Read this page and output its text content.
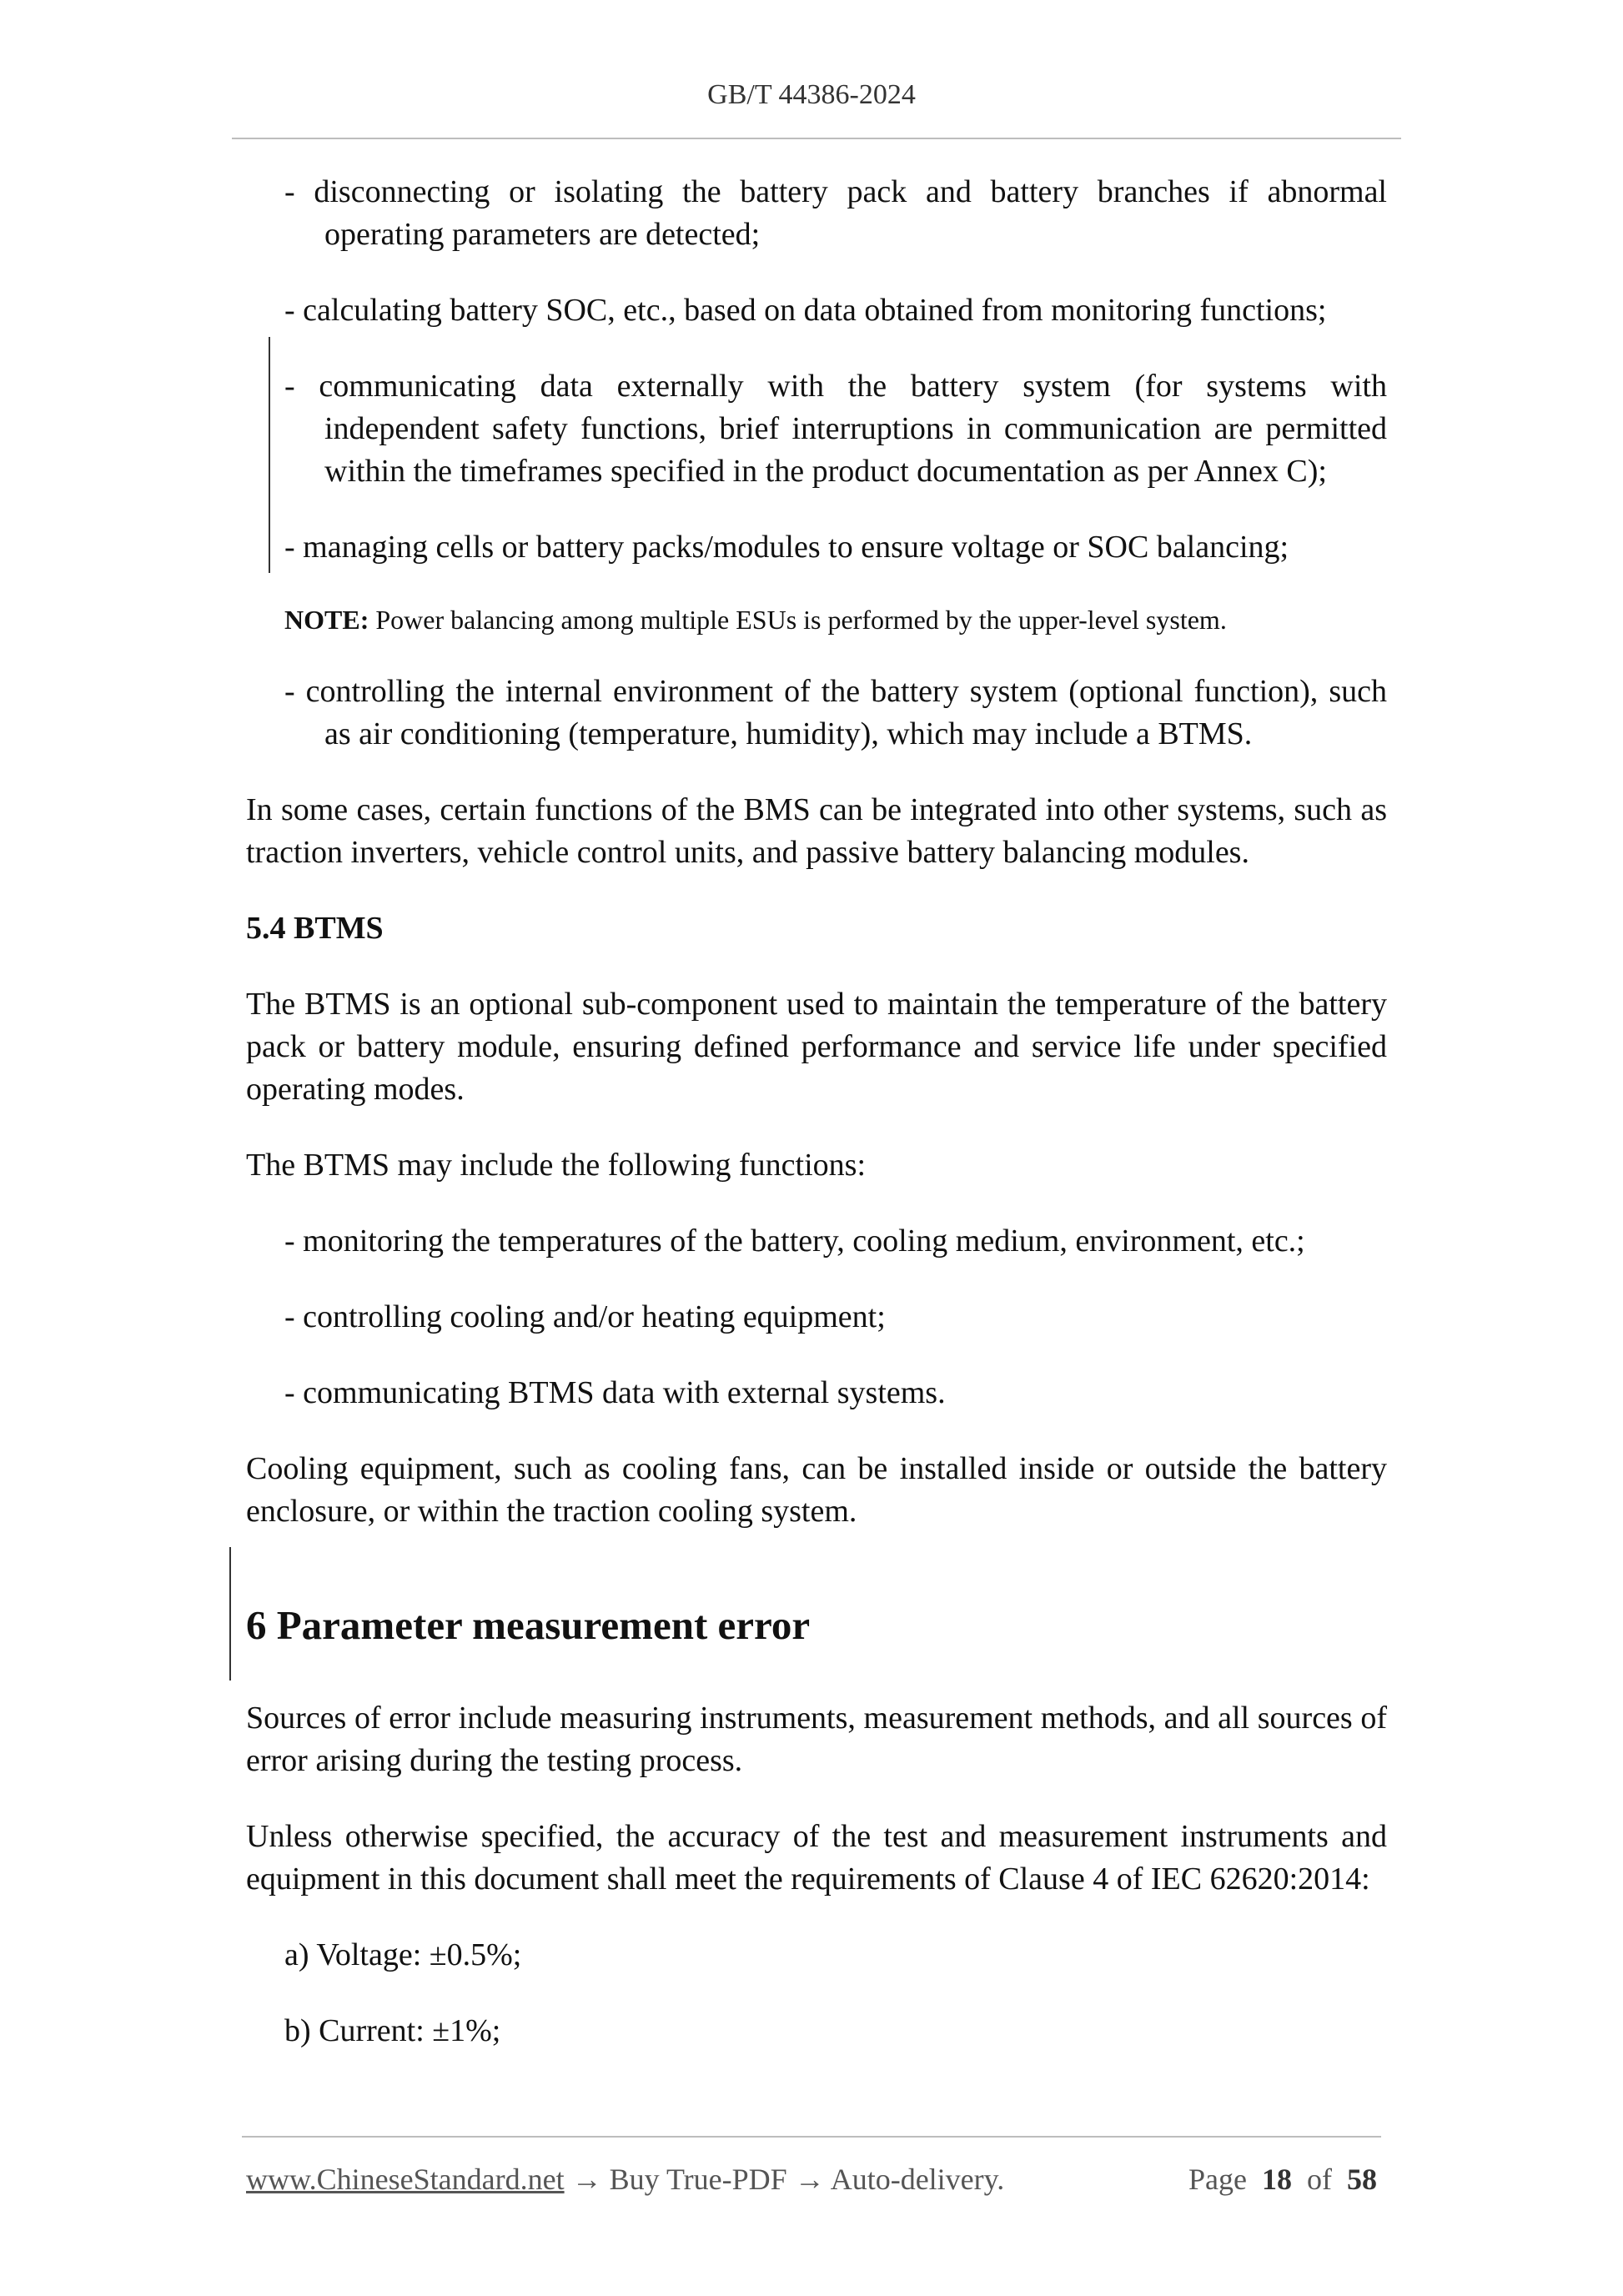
GB/T 44386-2024

- disconnecting or isolating the battery pack and battery branches if abnormal operating parameters are detected;

- calculating battery SOC, etc., based on data obtained from monitoring functions;

- communicating data externally with the battery system (for systems with independent safety functions, brief interruptions in communication are permitted within the timeframes specified in the product documentation as per Annex C);

- managing cells or battery packs/modules to ensure voltage or SOC balancing;

NOTE: Power balancing among multiple ESUs is performed by the upper-level system.

- controlling the internal environment of the battery system (optional function), such as air conditioning (temperature, humidity), which may include a BTMS.

In some cases, certain functions of the BMS can be integrated into other systems, such as traction inverters, vehicle control units, and passive battery balancing modules.

5.4 BTMS

The BTMS is an optional sub-component used to maintain the temperature of the battery pack or battery module, ensuring defined performance and service life under specified operating modes.

The BTMS may include the following functions:

- monitoring the temperatures of the battery, cooling medium, environment, etc.;

- controlling cooling and/or heating equipment;

- communicating BTMS data with external systems.

Cooling equipment, such as cooling fans, can be installed inside or outside the battery enclosure, or within the traction cooling system.

6 Parameter measurement error

Sources of error include measuring instruments, measurement methods, and all sources of error arising during the testing process.

Unless otherwise specified, the accuracy of the test and measurement instruments and equipment in this document shall meet the requirements of Clause 4 of IEC 62620:2014:

a) Voltage: ±0.5%;

b) Current: ±1%;

www.ChineseStandard.net → Buy True-PDF → Auto-delivery.	Page 18 of 58
